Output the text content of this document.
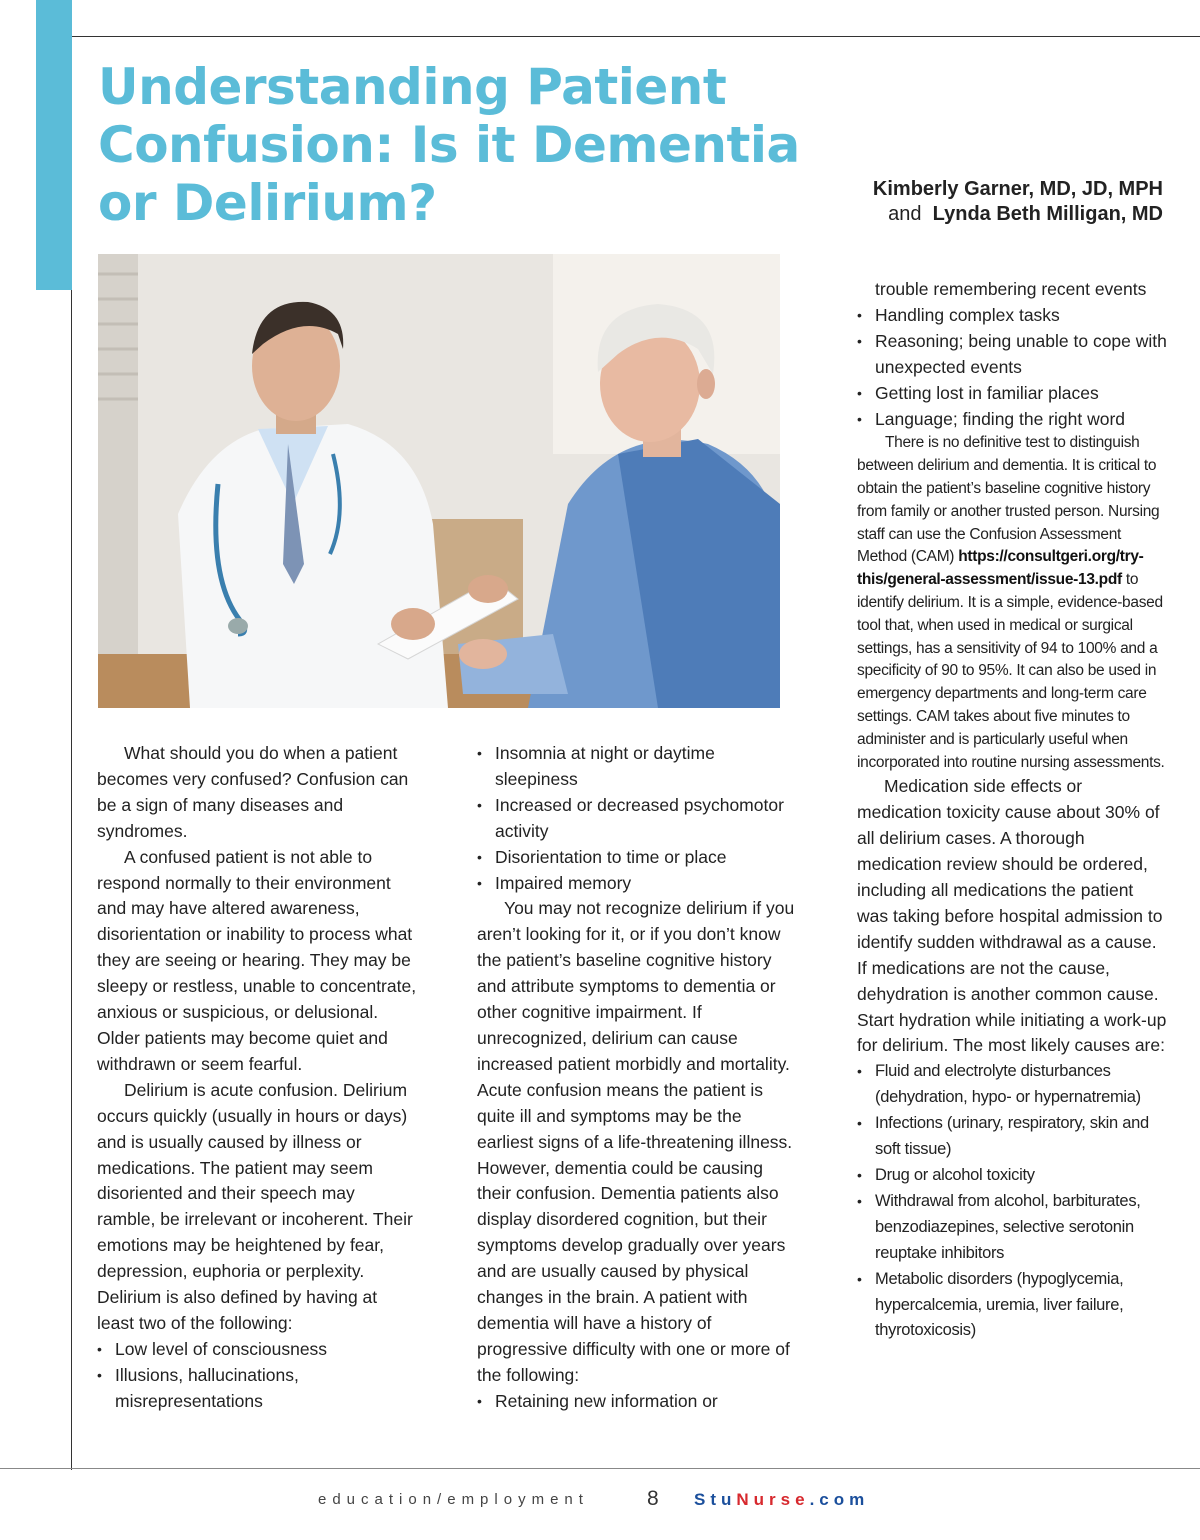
Understanding Patient Confusion: Is it Dementia or Delirium?	Kimberly Garner, MD, JD, MPH
and Lynda Beth Milligan, MD

What should you do when a patient becomes very confused? Confusion can be a sign of many diseases and syndromes.

A confused patient is not able to respond normally to their environment and may have altered awareness, disorientation or inability to process what they are seeing or hearing. They may be sleepy or restless, unable to concentrate, anxious or suspicious, or delusional. Older patients may become quiet and withdrawn or seem fearful.

Delirium is acute confusion. Delirium occurs quickly (usually in hours or days) and is usually caused by illness or medications. The patient may seem disoriented and their speech may ramble, be irrelevant or incoherent. Their emotions may be heightened by fear, depression, euphoria or perplexity. Delirium is also defined by having at least two of the following:

• Low level of consciousness
• Illusions, hallucinations, misrepresentations
• Insomnia at night or daytime sleepiness
• Increased or decreased psychomotor activity
• Disorientation to time or place
• Impaired memory

You may not recognize delirium if you aren’t looking for it, or if you don’t know the patient’s baseline cognitive history and attribute symptoms to dementia or other cognitive impairment. If unrecognized, delirium can cause increased patient morbidly and mortality. Acute confusion means the patient is quite ill and symptoms may be the earliest signs of a life-threatening illness. However, dementia could be causing their confusion. Dementia patients also display disordered cognition, but their symptoms develop gradually over years and are usually caused by physical changes in the brain. A patient with dementia will have a history of progressive difficulty with one or more of the following:

• Retaining new information or

trouble remembering recent events

• Handling complex tasks
• Reasoning; being unable to cope with unexpected events
• Getting lost in familiar places
• Language; finding the right word

There is no definitive test to distinguish between delirium and dementia. It is critical to obtain the patient’s baseline cognitive history from family or another trusted person. Nursing staff can use the Confusion Assessment Method (CAM) https://consultgeri.org/try-this/general-assessment/issue-13.pdf to identify delirium. It is a simple, evidence-based tool that, when used in medical or surgical settings, has a sensitivity of 94 to 100% and a specificity of 90 to 95%. It can also be used in emergency departments and long-term care settings. CAM takes about five minutes to administer and is particularly useful when incorporated into routine nursing assessments.

Medication side effects or medication toxicity cause about 30% of all delirium cases. A thorough medication review should be ordered, including all medications the patient was taking before hospital admission to identify sudden withdrawal as a cause. If medications are not the cause, dehydration is another common cause. Start hydration while initiating a work-up for delirium. The most likely causes are:

• Fluid and electrolyte disturbances (dehydration, hypo- or hypernatremia)
• Infections (urinary, respiratory, skin and soft tissue)
• Drug or alcohol toxicity
• Withdrawal from alcohol, barbiturates, benzodiazepines, selective serotonin reuptake inhibitors
• Metabolic disorders (hypoglycemia, hypercalcemia, uremia, liver failure, thyrotoxicosis)
education/employment	8 StuNurse.com
